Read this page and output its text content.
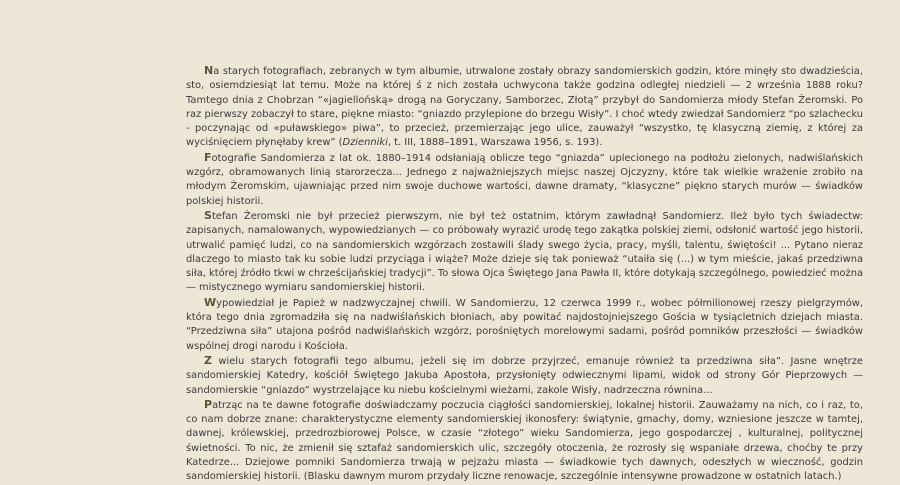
Na starych fotografiach, zebranych w tym albumie, utrwalone zostały obrazy sandomierskich godzin, które minęły sto dwadzieścia, sto, osiemdziesiąt lat temu. Może na której ś z nich została uchwycona także godzina odległej niedzieli — 2 września 1888 roku? Tamtego dnia z Chobrzan “«jagiellońską» drogą na Goryczany, Samborzec, Złotą” przybył do Sandomierza młody Stefan Żeromski. Po raz pierwszy zobaczył to stare, piękne miasto: “gniazdo przylepione do brzegu Wisły”. I choć wtedy zwiedzał Sandomierz “po szlachecku - poczynając od «puławskiego» piwa”, to przecież, przemierzając jego ulice, zauważył “wszystko, tę klasyczną ziemię, z której za wyciśnięciem płynęłaby krew” (Dzienniki, t. III, 1888–1891, Warszawa 1956, s. 193).

Fotografie Sandomierza z lat ok. 1880–1914 odsłaniają oblicze tego “gniazda” uplecionego na podłożu zielonych, nadwiślańskich wzgórz, obramowanych linią starorzecza... Jednego z najważniejszych miejsc naszej Ojczyzny, które tak wielkie wrażenie zrobiło na młodym Żeromskim, ujawniając przed nim swoje duchowe wartości, dawne dramaty, “klasyczne” piękno starych murów — świadków polskiej historii.

Stefan Żeromski nie był przecież pierwszym, nie był też ostatnim, którym zawładnął Sandomierz. Ileż było tych świadectw: zapisanych, namalowanych, wypowiedzianych — co próbowały wyrazić urodę tego zakątka polskiej ziemi, odsłonić wartość jego historii, utrwalić pamięć ludzi, co na sandomierskich wzgórzach zostawili ślady swego życia, pracy, myśli, talentu, świętości! ... Pytano nieraz dlaczego to miasto tak ku sobie ludzi przyciąga i wiąże? Może dzieje się tak ponieważ “utaiła się (...) w tym mieście, jakaś przedziwna siła, której źródło tkwi w chrześcijańskiej tradycji”. To słowa Ojca Świętego Jana Pawła II, które dotykają szczególnego, powiedzieć można — mistycznego wymiaru sandomierskiej historii.

Wypowiedział je Papież w nadzwyczajnej chwili. W Sandomierzu, 12 czerwca 1999 r., wobec półmilionowej rzeszy pielgrzymów, która tego dnia zgromadziła się na nadwiślańskich błoniach, aby powitać najdostojniejszego Gościa w tysiącletnich dziejach miasta. “Przedziwna siła” utajona pośród nadwiślańskich wzgórz, porośniętych morelowymi sadami, pośród pomników przeszłości — świadków wspólnej drogi narodu i Kościoła.

Z wielu starych fotografii tego albumu, jeżeli się im dobrze przyjrzeć, emanuje również ta przedziwna siła”. Jasne wnętrze sandomierskiej Katedry, kościół Świętego Jakuba Apostoła, przysłonięty odwiecznymi lipami, widok od strony Gór Pieprzowych — sandomierskie “gniazdo” wystrzelające ku niebu kościelnymi wieżami, zakole Wisły, nadrzeczna równina...

Patrząc na te dawne fotografie doświadczamy poczucia ciągłości sandomierskiej, lokalnej historii. Zauważamy na nich, co i raz, to, co nam dobrze znane: charakterystyczne elementy sandomierskiej ikonosfery: świątynie, gmachy, domy, wzniesione jeszcze w tamtej, dawnej, królewskiej, przedrozbiorowej Polsce, w czasie “złotego” wieku Sandomierza, jego gospodarczej , kulturalnej, politycznej świetności. To nic, że zmienił się sztafaż sandomierskich ulic, szczegóły otoczenia, że rozrosły się wspaniałe drzewa, choćby te przy Katedrze... Dziejowe pomniki Sandomierza trwają w pejzażu miasta — świadkowie tych dawnych, odeszłych w wieczność, godzin sandomierskiej historii. (Blasku dawnym murom przydały liczne renowacje, szczególnie intensywne prowadzone w ostatnich latach.)
